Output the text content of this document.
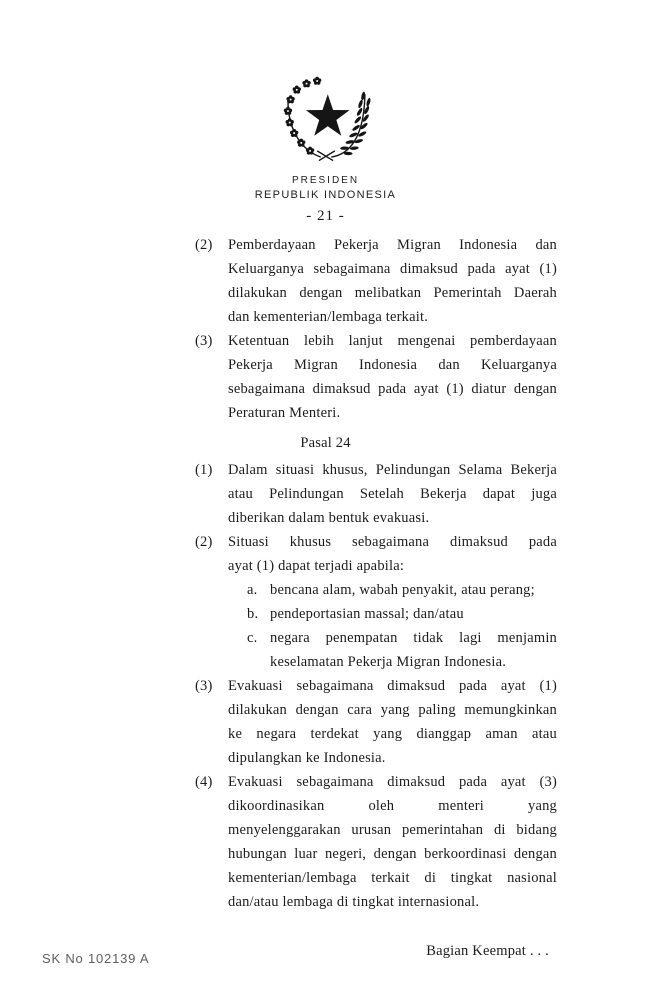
PRESIDEN
REPUBLIK INDONESIA
- 21 -
(2)	Pemberdayaan Pekerja Migran Indonesia dan
Keluarganya sebagaimana dimaksud pada ayat (1)
dilakukan dengan melibatkan Pemerintah Daerah
dan kementerian/lembaga terkait.
(3)	Ketentuan lebih lanjut mengenai pemberdayaan
Pekerja Migran Indonesia dan Keluarganya
sebagaimana dimaksud pada ayat (1) diatur dengan
Peraturan Menteri.
Pasal 24
(1)	Dalam situasi khusus, Pelindungan Selama Bekerja
atau Pelindungan Setelah Bekerja dapat juga
diberikan dalam bentuk evakuasi.
(2)	Situasi khusus sebagaimana dimaksud pada
ayat (1) dapat terjadi apabila:
a. bencana alam, wabah penyakit, atau perang;
b. pendeportasian massal; dan/atau
c. negara penempatan tidak lagi menjamin
keselamatan Pekerja Migran Indonesia.
(3)	Evakuasi sebagaimana dimaksud pada ayat (1)
dilakukan dengan cara yang paling memungkinkan
ke negara terdekat yang dianggap aman atau
dipulangkan ke Indonesia.
(4)	Evakuasi sebagaimana dimaksud pada ayat (3)
dikoordinasikan oleh menteri yang
menyelenggarakan urusan pemerintahan di bidang
hubungan luar negeri, dengan berkoordinasi dengan
kementerian/lembaga terkait di tingkat nasional
dan/atau lembaga di tingkat internasional.
Bagian Keempat . . .
SK No 102139 A
